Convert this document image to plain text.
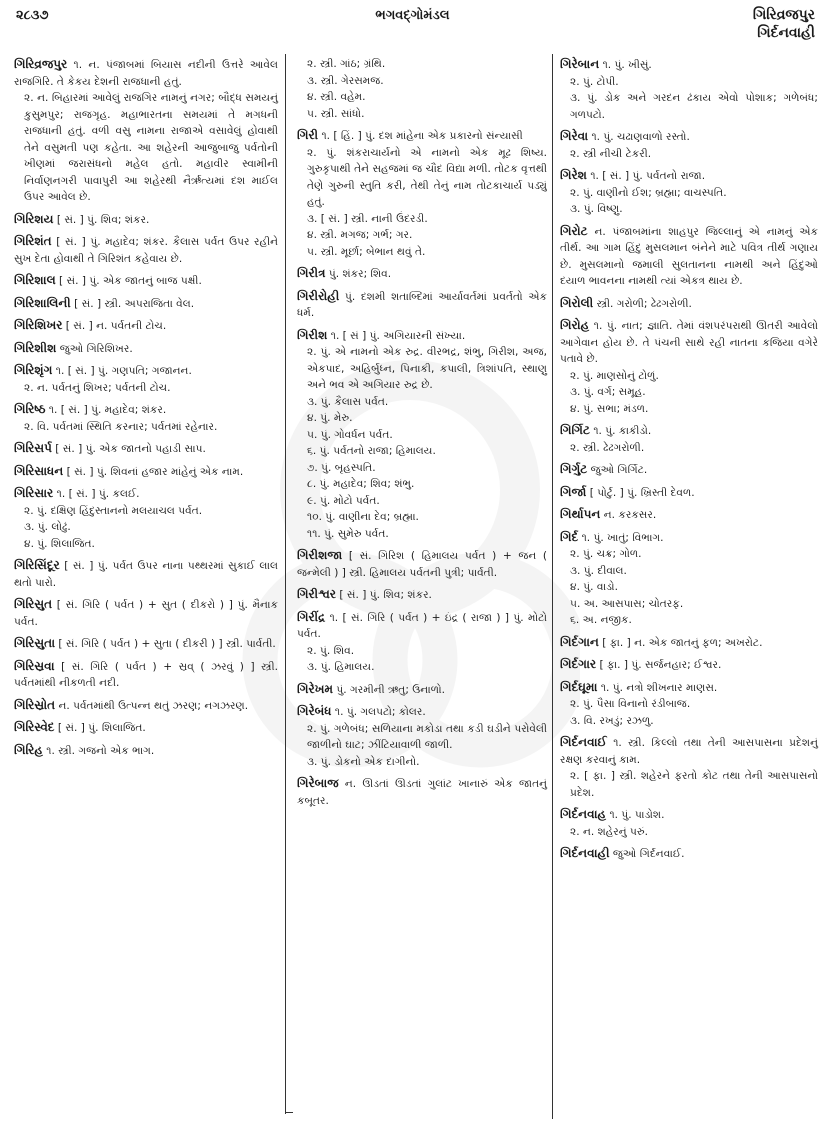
૨૮૩૭	ભગવદ્ગોમંડલ	ગિરિવ્રજપુર
ગિર્દનવાહી
ગિરિવ્રજપુર ૧. ન. પંજાબમાં બિયાસ નદીની ઉત્તરે આવેલ રાજગિરિ. તે કેકય દેશની રાજધાની હતું.
૨. ન. બિહારમાં આવેલું રાજગિર નામનું નગર; બૌદ્ધ સમયનું કુસુમપુર; રાજગૃહ. મહાભારતના સમયમાં તે મગધની રાજધાની હતું. વળી વસુ નામના રાજાએ વસાવેલું હોવાથી તેને વસુમતી પણ કહેતા. આ શહેરની આજુબાજુ પર્વતોની ખીણમાં જરાસંધનો મહેલ હતો. મહાવીર સ્વામીની નિર્વાણનગરી પાવાપુરી આ શહેરથી નૈર્ઋત્યમાં દશ માઈલ ઉપર આવેલ છે.
ગિરિશય [ સં. ] પું. શિવ; શંકર.
ગિરિશંત [ સં. ] પું. મહાદેવ; શંકર. કૈલાસ પર્વત ઉપર રહીને સુખ દેતા હોવાથી તે ગિરિશંત કહેવાય છે.
ગિરિશાલ [ સં. ] પું. એક જાતનું બાજ પક્ષી.
ગિરિશાલિની [ સં. ] સ્ત્રી. અપરાજિતા વેલ.
ગિરિશિખર [ સં. ] ન. પર્વતની ટોચ.
ગિરિશીશ જુઓ ગિરિશિખર.
ગિરિશૃંગ ૧. [ સં. ] પું. ગણપતિ; ગજાનન.
૨. ન. પર્વતનું શિખર; પર્વતની ટોચ.
ગિરિષ્ઠ ૧. [ સં. ] પું. મહાદેવ; શંકર.
૨. વિ. પર્વતમાં સ્થિતિ કરનાર; પર્વતમાં રહેનાર.
ગિરિસર્પ [ સં. ] પું. એક જાતનો પહાડી સાપ.
ગિરિસાધન [ સં. ] પું. શિવનાં હજાર માંહેનું એક નામ.
ગિરિસાર ૧. [ સં. ] પું. કલઈ.
૨. પું. દક્ષિણ હિંદુસ્તાનનો મલયાચલ પર્વત.
૩. પું. લોઢું.
૪. પું. શિલાજિત.
ગિરિસિંદૂર [ સં. ] પું. પર્વત ઉપર નાના પથ્થરમાં સુકાઈ લાલ થતો પારો.
ગિરિસુત [ સં. ગિરિ ( પર્વત ) + સુત ( દીકરો ) ] પું. મૈનાક પર્વત.
ગિરિસુતા [ સં. ગિરિ ( પર્વત ) + સુતા ( દીકરી ) ] સ્ત્રી. પાર્વતી.
ગિરિસ્રવા [ સં. ગિરિ ( પર્વત ) + સ્રવ્ ( ઝરવું ) ] સ્ત્રી. પર્વતમાંથી નીકળતી નદી.
ગિરિસ્રોત ન. પર્વતમાંથી ઉત્પન્ન થતું ઝરણ; નગઝરણ.
ગિરિસ્વેદ [ સં. ] પું. શિલાજિત.
ગિરિહ ૧. સ્ત્રી. ગજનો એક ભાગ.
૨. સ્ત્રી. ગાંઠ; ગ્રંથિ.
૩. સ્ત્રી. ગેરસમજ.
૪. સ્ત્રી. વહેમ.
૫. સ્ત્રી. સાંધો.
ગિરી ૧. [ હિં. ] પું. દશ માંહેના એક પ્રકારનો સંન્યાસી
૨. પું. શંકરાચાર્યનો એ નામનો એક મૂઢ શિષ્ય. ગુરુકૃપાથી તેને સહજમાં જ ચૌદ વિદ્યા મળી. તોટક વૃત્તથી તેણે ગુરુની સ્તુતિ કરી, તેથી તેનું નામ તોટકાચાર્ય પડ્યું હતું.
૩. [ સં. ] સ્ત્રી. નાની ઉંદરડી.
૪. સ્ત્રી. મગજ; ગર્ભ; ગર.
૫. સ્ત્રી. મૂર્છા; બેભાન થવું તે.
ગિરીત્ર પું. શંકર; શિવ.
ગિરીરોહી પું. દશમી શતાબ્દિમાં આર્યાવર્તમાં પ્રવર્તતો એક ધર્મ.
ગિરીશ ૧. [ સં ] પું. અગિયારની સંખ્યા.
૨. પું. એ નામનો એક રુદ્ર. વીરભદ્ર, શંભુ, ગિરીશ, અજ, એકપાદ, અહિર્બુધ્ન, પિનાકી, કપાલી, ત્રિશાંપતિ, સ્થાણુ અને ભવ એ અગિયાર રુદ્ર છે.
૩. પું. કૈલાસ પર્વત.
૪. પું. મેરુ.
૫. પું. ગોવર્ધન પર્વત.
૬. પું. પર્વતનો રાજા; હિમાલય.
૭. પું. બૃહસ્પતિ.
૮. પું. મહાદેવ; શિવ; શંભુ.
૯. પું. મોટો પર્વત.
૧૦. પું. વાણીના દેવ; બ્રહ્મા.
૧૧. પું. સુમેરુ પર્વત.
ગિરીશજા [ સં. ગિરિશ ( હિમાલય પર્વત ) + જન ( જન્મેલી ) ] સ્ત્રી. હિમાલય પર્વતની પુત્રી; પાર્વતી.
ગિરીશ્વર [ સં. ] પું. શિવ; શંકર.
ગિરીંદ્ર ૧. [ સં. ગિરિ ( પર્વત ) + ઇંદ્ર ( રાજા ) ] પું. મોટો પર્વત.
૨. પું. શિવ.
૩. પું. હિમાલય.
ગિરેખમ પું. ગરમીની ઋતુ; ઉનાળો.
ગિરેબંધ ૧. પું. ગલપટો; કોલર.
૨. પું. ગળેબંધ; સળિયાના મકોડા તથા કડી ઘડીને પરોવેલી જાળીનો ઘાટ; ઝીંટિયાવાળી જાળી.
૩. પું. ડોકનો એક દાગીનો.
ગિરેબાજ ન. ઊડતાં ઊડતાં ગુલાંટ ખાનારું એક જાતનું કબૂતર.
ગિરેબાન ૧. પું. ખીસું.
૨. પું. ટોપી.
૩. પું. ડોક અને ગરદન ઢંકાય એવો પોશાક; ગળેબંધ; ગળપટો.
ગિરેવા ૧. પું. ચઢાણવાળો રસ્તો.
૨. સ્ત્રી નીચી ટેકરી.
ગિરેશ ૧. [ સં. ] પું. પર્વતનો રાજા.
૨. પું. વાણીનો ઈશ; બ્રહ્મા; વાચસ્પતિ.
૩. પું. વિષ્ણુ.
ગિરોટ ન. પંજાબમાંના શાહપુર જિલ્લાનું એ નામનું એક તીર્થ. આ ગામ હિંદુ મુસલમાન બંનેને માટે પવિત્ર તીર્થ ગણાય છે. મુસલમાનો જમાલી સુલતાનના નામથી અને હિંદુઓ દયાળ ભાવનના નામથી ત્યાં એકત્ર થાય છે.
ગિરોલી સ્ત્રી. ગરોળી; ઢેઢગરોળી.
ગિરોહ ૧. પું. નાત; જ્ઞાતિ. તેમાં વંશપરંપરાથી ઊતરી આવેલો આગેવાન હોય છે. તે પંચની સાથે રહી નાતના કજિયા વગેરે પતાવે છે.
૨. પું. માણસોનું ટોળું.
૩. પું. વર્ગ; સમૂહ.
૪. પું. સભા; મંડળ.
ગિર્ગિટ ૧. પું. કાકીડો.
૨. સ્ત્રી. ઢેઢગરોળી.
ગિર્ગુટ જુઓ ગિર્ગિટ.
ગિર્જા [ પોર્ટુ. ] પું. ખ્રિસ્તી દેવળ.
ગિર્થાપન ન. કરકસર.
ગિર્દ ૧. પું. ખાતું; વિભાગ.
૨. પું. ચક્ર; ગોળ.
૩. પું. દીવાલ.
૪. પું. વાડો.
૫. અ. આસપાસ; ચોતરફ.
૬. અ. નજીક.
ગિર્દગાન [ ફા. ] ન. એક જાતનું ફળ; અખરોટ.
ગિર્દગાર [ ફા. ] પું. સર્જનહાર; ઈશ્વર.
ગિર્દઘૂમા ૧. પું. નત્રો શીખનાર માણસ.
૨. પું. પૈસા વિનાનો રંડીબાજ.
૩. વિ. રખડું; રઝળુ.
ગિર્દનવાઈ ૧. સ્ત્રી. કિલ્લો તથા તેની આસપાસના પ્રદેશનું રક્ષણ કરવાનું કામ.
૨. [ ફા. ] સ્ત્રી. શહેરને ફરતો કોટ તથા તેની આસપાસનો પ્રદેશ.
ગિર્દનવાહ ૧. પું. પાડોશ.
૨. ન. શહેરનું પરું.
ગિર્દનવાહી જુઓ ગિર્દનવાઈ.
